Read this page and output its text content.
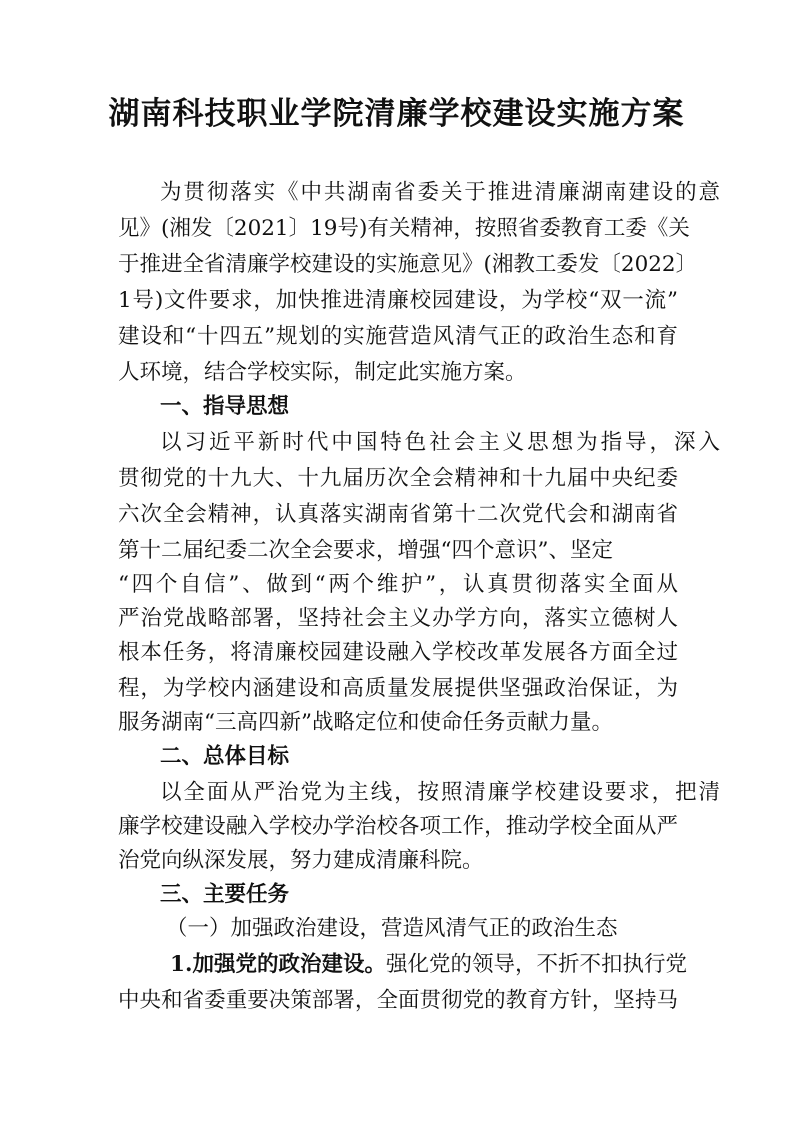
湖南科技职业学院清廉学校建设实施方案
为贯彻落实《中共湖南省委关于推进清廉湖南建设的意
见》(湘发〔2021〕19号)有关精神，按照省委教育工委《关
于推进全省清廉学校建设的实施意见》(湘教工委发〔2022〕
1号)文件要求，加快推进清廉校园建设，为学校“双一流”
建设和“十四五”规划的实施营造风清气正的政治生态和育
人环境，结合学校实际，制定此实施方案。
一、指导思想
以习近平新时代中国特色社会主义思想为指导，深入
贯彻党的十九大、十九届历次全会精神和十九届中央纪委
六次全会精神，认真落实湖南省第十二次党代会和湖南省
第十二届纪委二次全会要求，增强“四个意识”、坚定
“四个自信”、做到“两个维护”，认真贯彻落实全面从
严治党战略部署，坚持社会主义办学方向，落实立德树人
根本任务，将清廉校园建设融入学校改革发展各方面全过
程，为学校内涵建设和高质量发展提供坚强政治保证，为
服务湖南“三高四新”战略定位和使命任务贡献力量。
二、总体目标
以全面从严治党为主线，按照清廉学校建设要求，把清
廉学校建设融入学校办学治校各项工作，推动学校全面从严
治党向纵深发展，努力建成清廉科院。
三、主要任务
（一）加强政治建设，营造风清气正的政治生态
1.加强党的政治建设。强化党的领导，不折不扣执行党
中央和省委重要决策部署，全面贯彻党的教育方针，坚持马
